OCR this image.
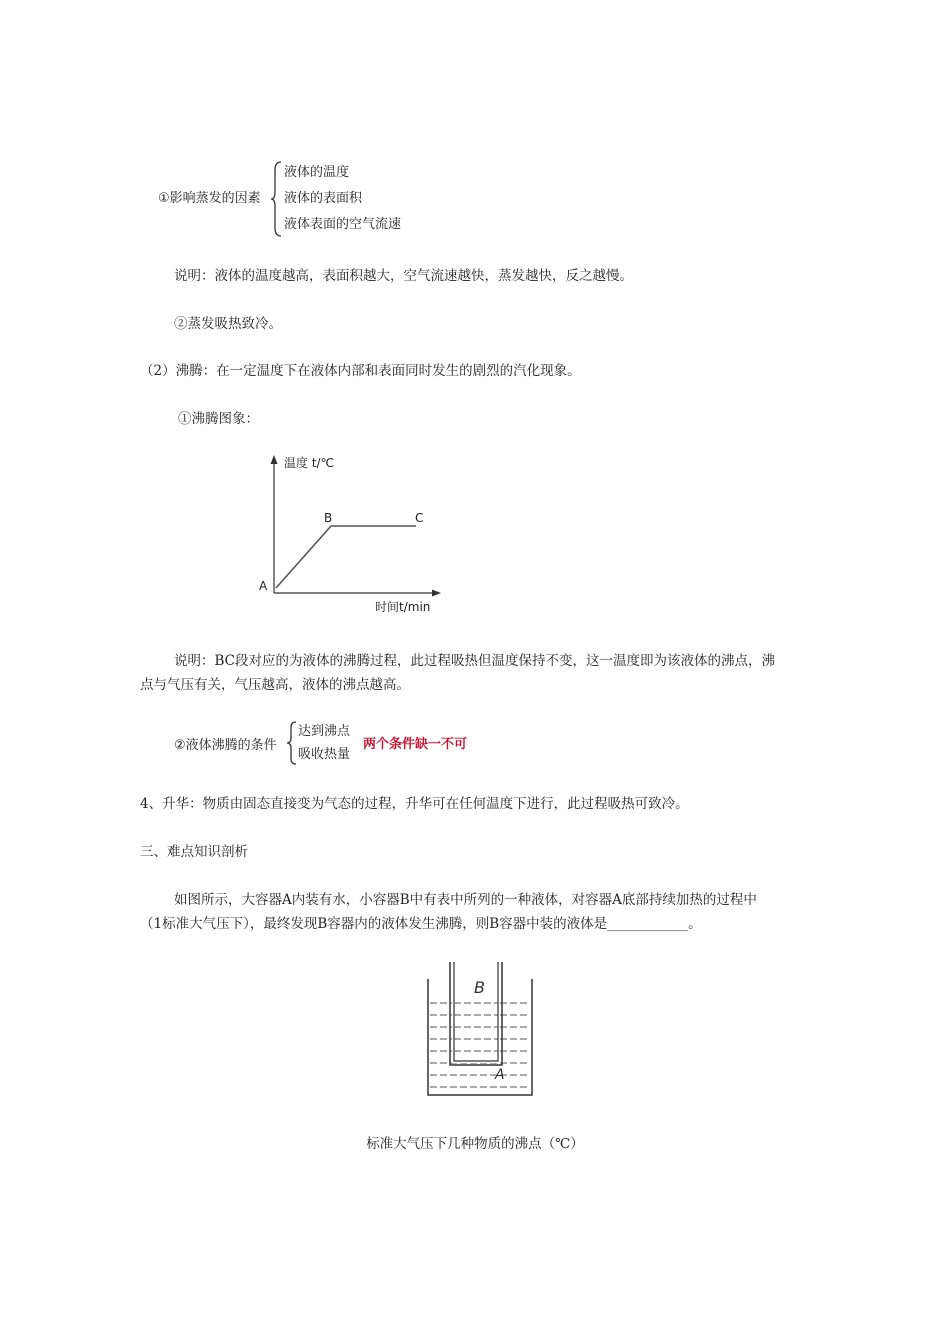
①影响蒸发的因素
液体的温度
液体的表面积
液体表面的空气流速
说明：液体的温度越高，表面积越大，空气流速越快，蒸发越快，反之越慢。
②蒸发吸热致冷。
（2）沸腾：在一定温度下在液体内部和表面同时发生的剧烈的汽化现象。
①沸腾图象：
温度 t/℃
时间t/min
A
B	C
说明：BC段对应的为液体的沸腾过程，此过程吸热但温度保持不变，这一温度即为该液体的沸点，沸
点与气压有关，气压越高，液体的沸点越高。
②液体沸腾的条件
达到沸点
吸收热量
两个条件缺一不可
4、升华：物质由固态直接变为气态的过程，升华可在任何温度下进行，此过程吸热可致冷。
三、难点知识剖析
如图所示，大容器A内装有水，小容器B中有表中所列的一种液体，对容器A底部持续加热的过程中
（1标准大气压下），最终发现B容器内的液体发生沸腾，则B容器中装的液体是____________。
B
A
标准大气压下几种物质的沸点（℃）
